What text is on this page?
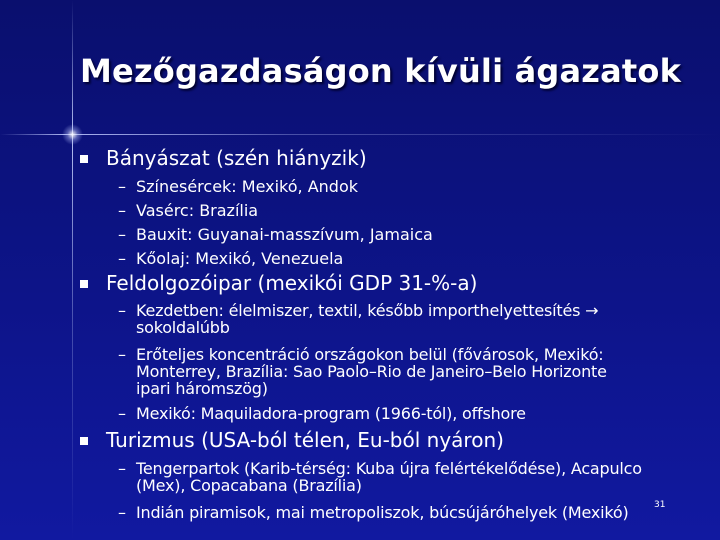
Mezőgazdaságon kívüli ágazatok
Bányászat (szén hiányzik)
– Színesércek: Mexikó, Andok
– Vasérc: Brazília
– Bauxit: Guyanai-masszívum, Jamaica
– Kőolaj: Mexikó, Venezuela
Feldolgozóipar (mexikói GDP 31-%-a)
– Kezdetben: élelmiszer, textil, később importhelyettesítés →
sokoldalúbb
– Erőteljes koncentráció országokon belül (fővárosok, Mexikó:
Monterrey, Brazília: Sao Paolo–Rio de Janeiro–Belo Horizonte
ipari háromszög)
– Mexikó: Maquiladora-program (1966-tól), offshore
Turizmus (USA-ból télen, Eu-ból nyáron)
– Tengerpartok (Karib-térség: Kuba újra felértékelődése), Acapulco
(Mex), Copacabana (Brazília)
– Indián piramisok, mai metropoliszok, búcsújáróhelyek (Mexikó)	31
